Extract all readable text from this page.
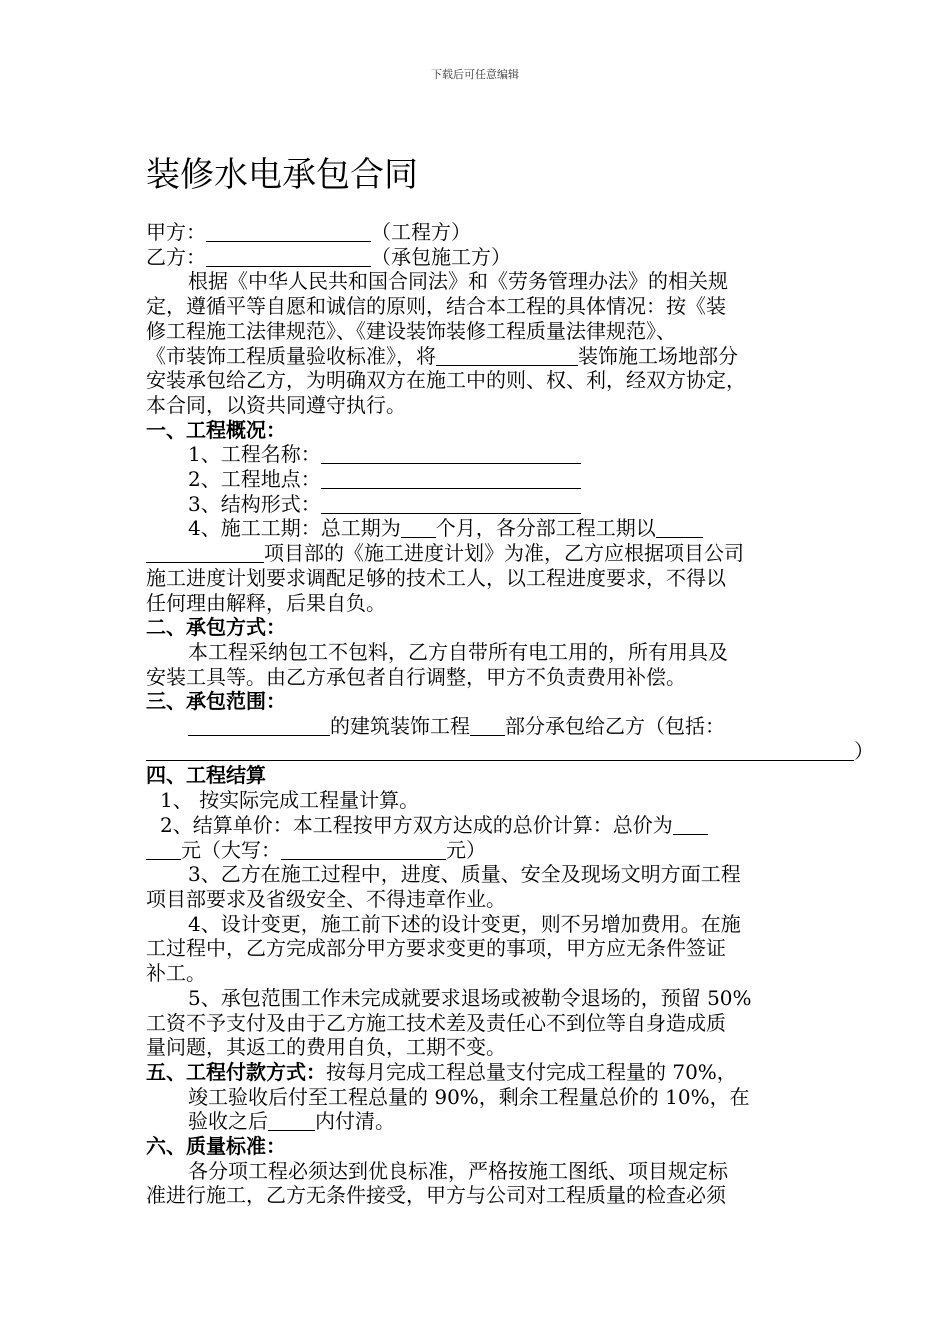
下载后可任意编辑
装修水电承包合同
甲方：	（工程方）
乙方：	（承包施工方）
根据《中华人民共和国合同法》和《劳务管理办法》的相关规
定，遵循平等自愿和诚信的原则，结合本工程的具体情况：按《装
修工程施工法律规范》、《建设装饰装修工程质量法律规范》、
《市装饰工程质量验收标准》，将	装饰施工场地部分
安装承包给乙方，为明确双方在施工中的则、权、利，经双方协定，
本合同，以资共同遵守执行。
一、工程概况：
1、工程名称：
2、工程地点：
3、结构形式：
4、施工工期：总工期为 个月，各分部工程工期以
项目部的《施工进度计划》为准，乙方应根据项目公司
施工进度计划要求调配足够的技术工人，以工程进度要求，不得以
任何理由解释，后果自负。
二、承包方式：
本工程采纳包工不包料，乙方自带所有电工用的，所有用具及
安装工具等。由乙方承包者自行调整，甲方不负责费用补偿。
三、承包范围：
的建筑装饰工程 部分承包给乙方（包括：
）
四、工程结算
1、 按实际完成工程量计算。
2、结算单价：本工程按甲方双方达成的总价计算：总价为
元（大写：	元）
3、乙方在施工过程中，进度、质量、安全及现场文明方面工程
项目部要求及省级安全、不得违章作业。
4、设计变更，施工前下述的设计变更，则不另增加费用。在施
工过程中，乙方完成部分甲方要求变更的事项，甲方应无条件签证
补工。
5、承包范围工作未完成就要求退场或被勒令退场的，预留 50%
工资不予支付及由于乙方施工技术差及责任心不到位等自身造成质
量问题，其返工的费用自负，工期不变。
五、工程付款方式：按每月完成工程总量支付完成工程量的 70%，
竣工验收后付至工程总量的 90%，剩余工程量总价的 10%，在
验收之后 内付清。
六、质量标准：
各分项工程必须达到优良标准，严格按施工图纸、项目规定标
准进行施工，乙方无条件接受，甲方与公司对工程质量的检查必须
